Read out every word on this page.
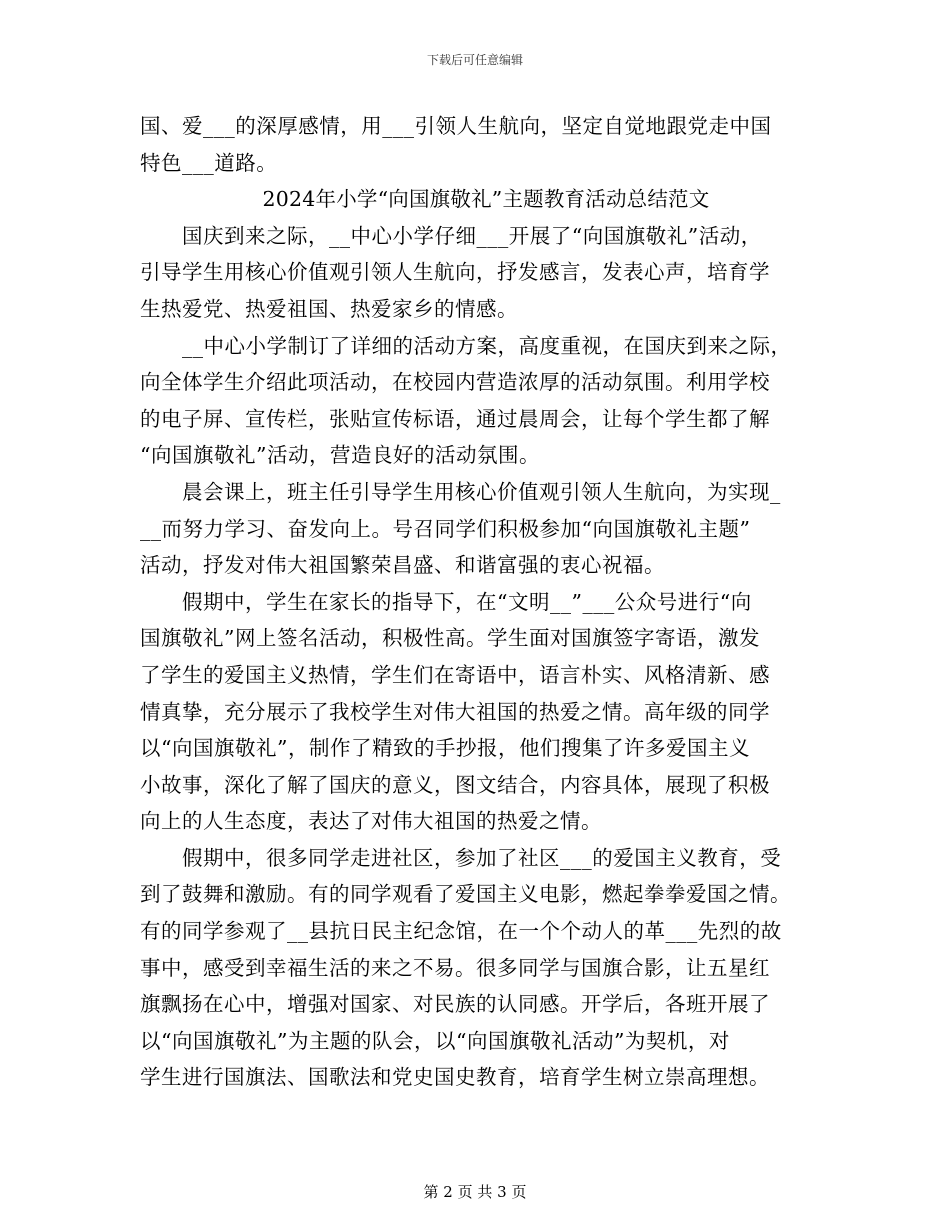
下载后可任意编辑
国、爱___的深厚感情，用___引领人生航向，坚定自觉地跟党走中国
特色___道路。
2024年小学“向国旗敬礼”主题教育活动总结范文
　　国庆到来之际，__中心小学仔细___开展了“向国旗敬礼”活动，
引导学生用核心价值观引领人生航向，抒发感言，发表心声，培育学
生热爱党、热爱祖国、热爱家乡的情感。
　　__中心小学制订了详细的活动方案，高度重视，在国庆到来之际，
向全体学生介绍此项活动，在校园内营造浓厚的活动氛围。利用学校
的电子屏、宣传栏，张贴宣传标语，通过晨周会，让每个学生都了解
“向国旗敬礼”活动，营造良好的活动氛围。
　　晨会课上，班主任引导学生用核心价值观引领人生航向，为实现_
__而努力学习、奋发向上。号召同学们积极参加“向国旗敬礼主题”
活动，抒发对伟大祖国繁荣昌盛、和谐富强的衷心祝福。
　　假期中，学生在家长的指导下，在“文明__”___公众号进行“向
国旗敬礼”网上签名活动，积极性高。学生面对国旗签字寄语，激发
了学生的爱国主义热情，学生们在寄语中，语言朴实、风格清新、感
情真挚，充分展示了我校学生对伟大祖国的热爱之情。高年级的同学
以“向国旗敬礼”，制作了精致的手抄报，他们搜集了许多爱国主义
小故事，深化了解了国庆的意义，图文结合，内容具体，展现了积极
向上的人生态度，表达了对伟大祖国的热爱之情。
　　假期中，很多同学走进社区，参加了社区___的爱国主义教育，受
到了鼓舞和激励。有的同学观看了爱国主义电影，燃起拳拳爱国之情。
有的同学参观了__县抗日民主纪念馆，在一个个动人的革___先烈的故
事中，感受到幸福生活的来之不易。很多同学与国旗合影，让五星红
旗飘扬在心中，增强对国家、对民族的认同感。开学后，各班开展了
以“向国旗敬礼”为主题的队会，以“向国旗敬礼活动”为契机，对
学生进行国旗法、国歌法和党史国史教育，培育学生树立崇高理想。
第 2 页 共 3 页
